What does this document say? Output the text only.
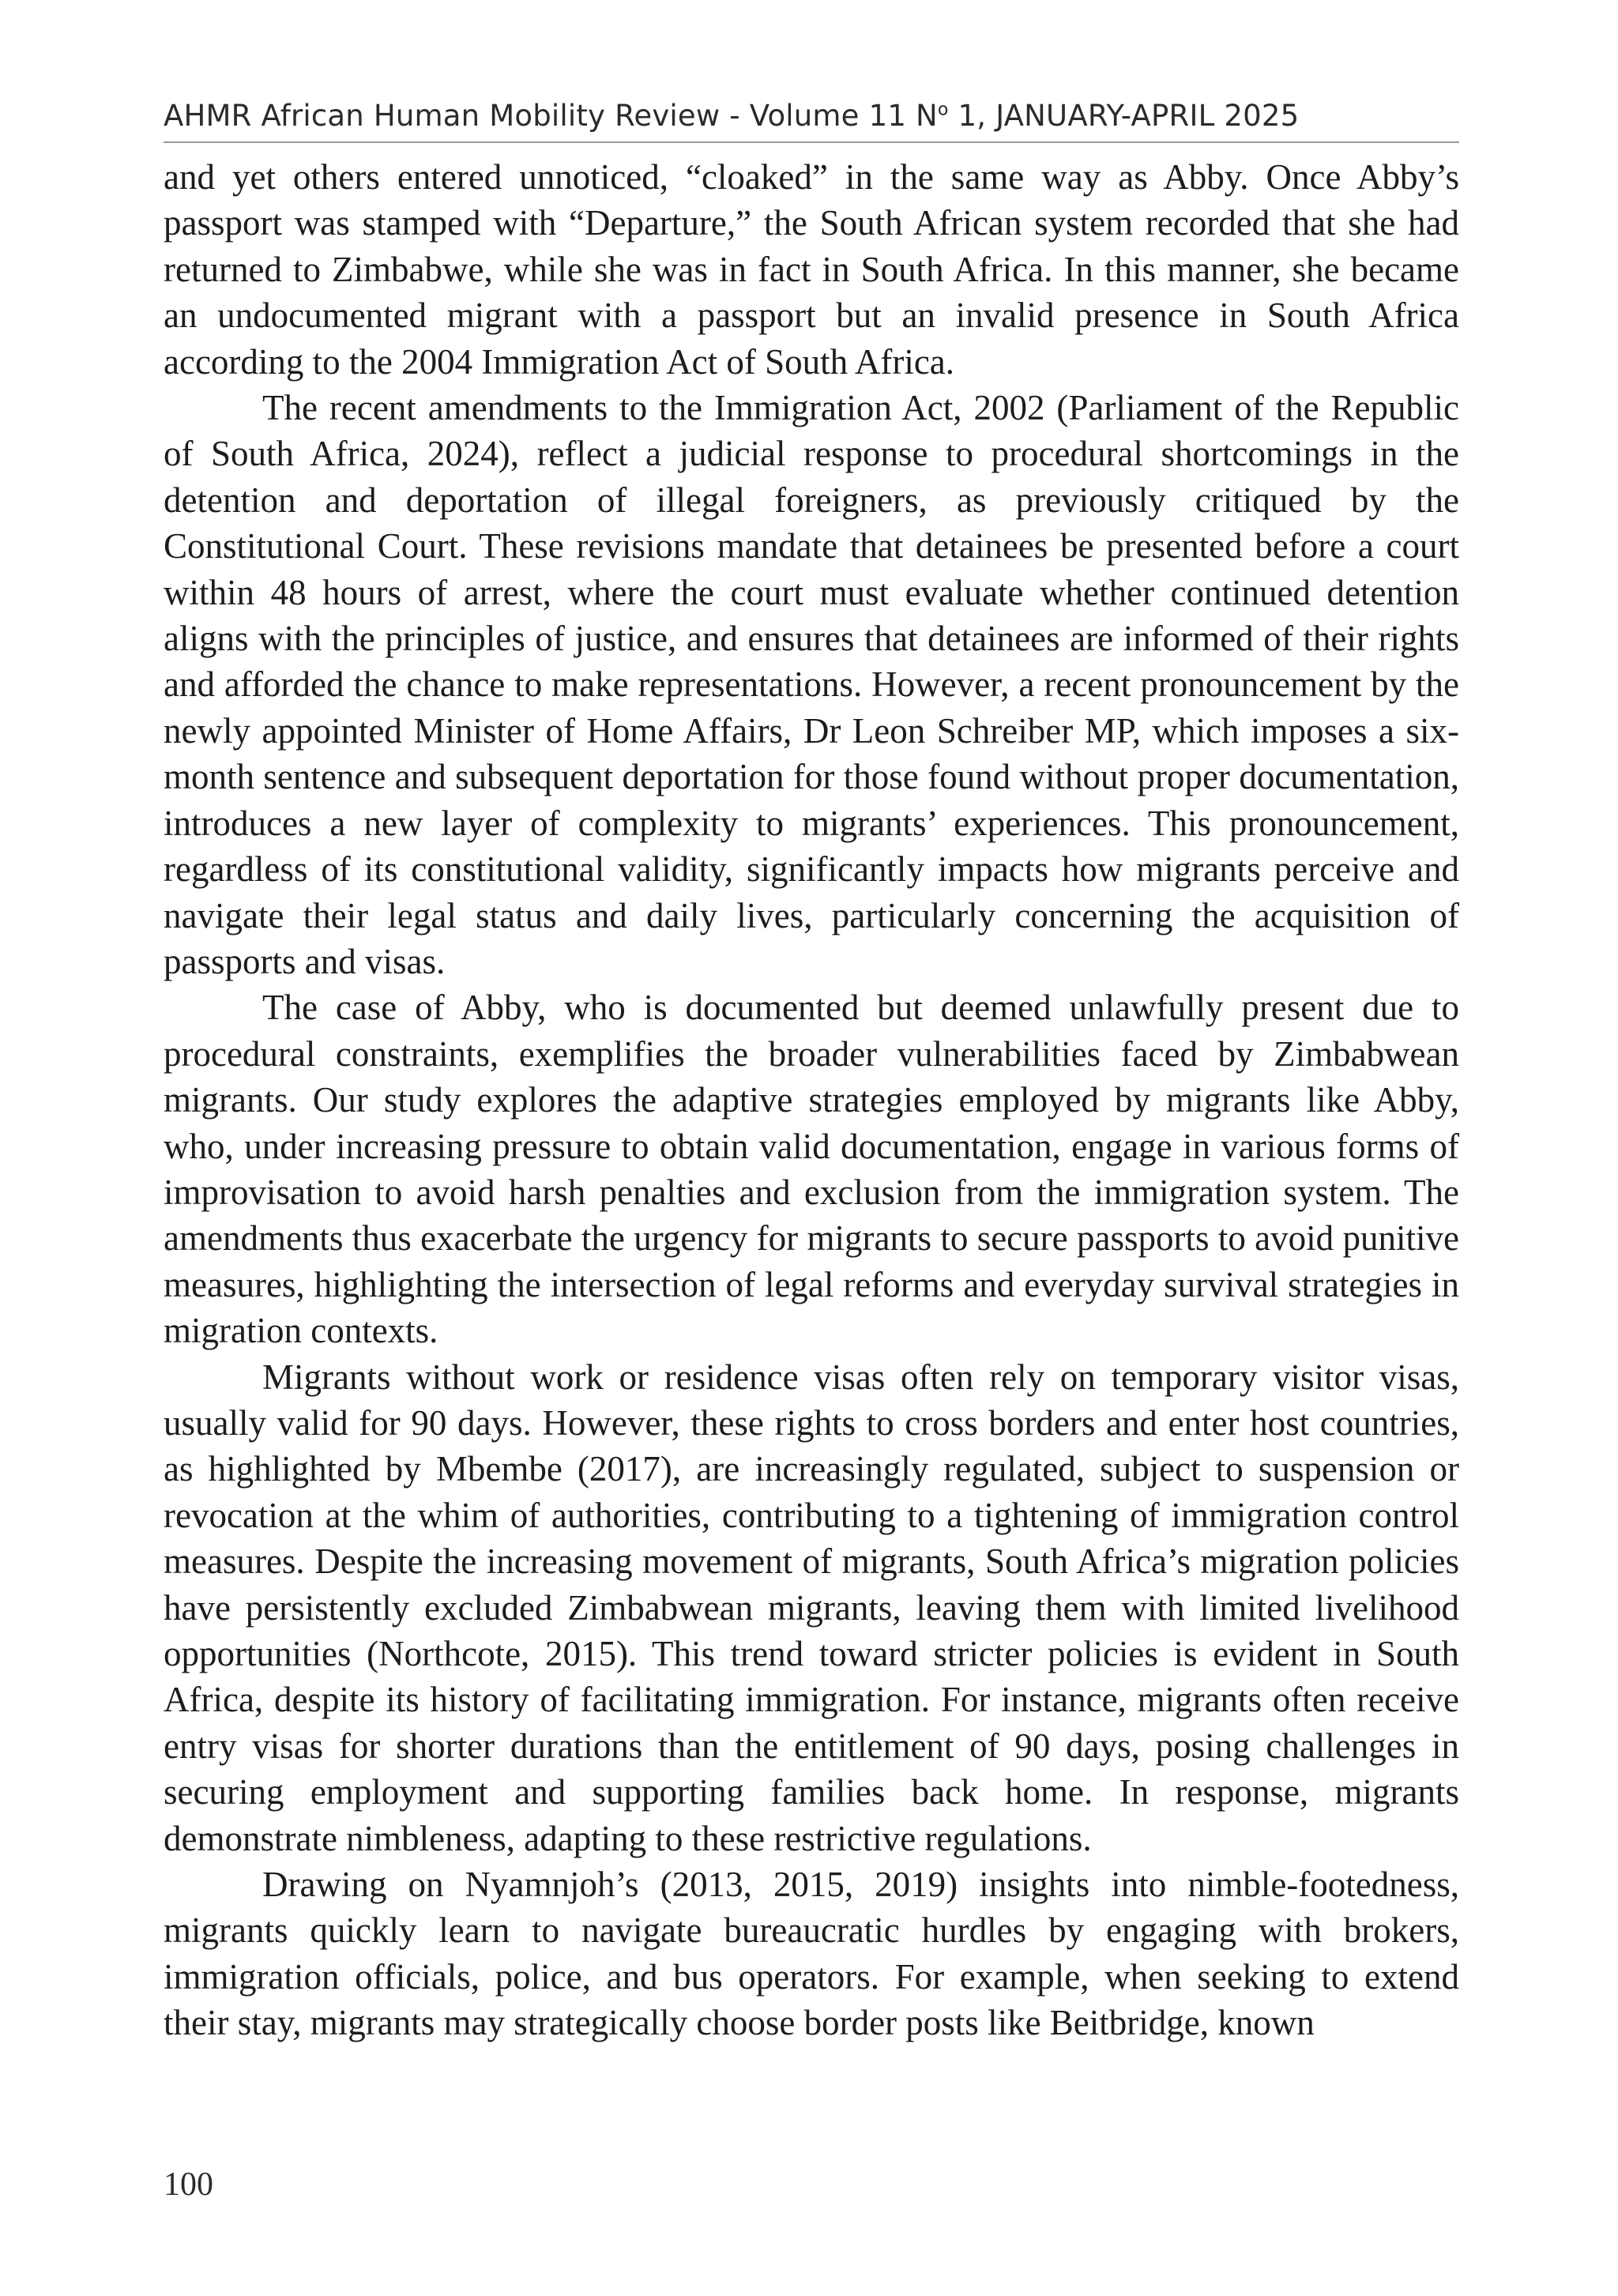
AHMR African Human Mobility Review - Volume 11 $N^o$ 1, JANUARY-APRIL 2025

and yet others entered unnoticed, “cloaked” in the same way as Abby. Once Abby’s passport was stamped with “Departure,” the South African system recorded that she had returned to Zimbabwe, while she was in fact in South Africa. In this manner, she became an undocumented migrant with a passport but an invalid presence in South Africa according to the 2004 Immigration Act of South Africa.

The recent amendments to the Immigration Act, 2002 (Parliament of the Republic of South Africa, 2024), reflect a judicial response to procedural shortcomings in the detention and deportation of illegal foreigners, as previously critiqued by the Constitutional Court. These revisions mandate that detainees be presented before a court within 48 hours of arrest, where the court must evaluate whether continued detention aligns with the principles of justice, and ensures that detainees are informed of their rights and afforded the chance to make representations. However, a recent pronouncement by the newly appointed Minister of Home Affairs, Dr Leon Schreiber MP, which imposes a six-month sentence and subsequent deportation for those found without proper documentation, introduces a new layer of complexity to migrants’ experiences. This pronouncement, regardless of its constitutional validity, significantly impacts how migrants perceive and navigate their legal status and daily lives, particularly concerning the acquisition of passports and visas.

The case of Abby, who is documented but deemed unlawfully present due to procedural constraints, exemplifies the broader vulnerabilities faced by Zimbabwean migrants. Our study explores the adaptive strategies employed by migrants like Abby, who, under increasing pressure to obtain valid documentation, engage in various forms of improvisation to avoid harsh penalties and exclusion from the immigration system. The amendments thus exacerbate the urgency for migrants to secure passports to avoid punitive measures, highlighting the intersection of legal reforms and everyday survival strategies in migration contexts.

Migrants without work or residence visas often rely on temporary visitor visas, usually valid for 90 days. However, these rights to cross borders and enter host countries, as highlighted by Mbembe (2017), are increasingly regulated, subject to suspension or revocation at the whim of authorities, contributing to a tightening of immigration control measures. Despite the increasing movement of migrants, South Africa’s migration policies have persistently excluded Zimbabwean migrants, leaving them with limited livelihood opportunities (Northcote, 2015). This trend toward stricter policies is evident in South Africa, despite its history of facilitating immigration. For instance, migrants often receive entry visas for shorter durations than the entitlement of 90 days, posing challenges in securing employment and supporting families back home. In response, migrants demonstrate nimbleness, adapting to these restrictive regulations.

Drawing on Nyamnjoh’s (2013, 2015, 2019) insights into nimble-footedness, migrants quickly learn to navigate bureaucratic hurdles by engaging with brokers, immigration officials, police, and bus operators. For example, when seeking to extend their stay, migrants may strategically choose border posts like Beitbridge, known

100
